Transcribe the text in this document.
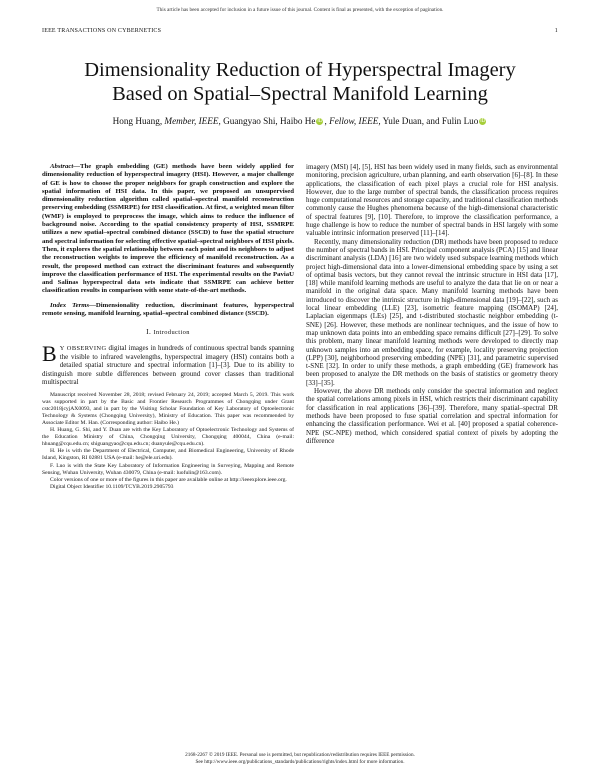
This article has been accepted for inclusion in a future issue of this journal. Content is final as presented, with the exception of pagination.
IEEE TRANSACTIONS ON CYBERNETICS	1
Dimensionality Reduction of Hyperspectral Imagery
Based on Spatial–Spectral Manifold Learning
Hong Huang, Member, IEEE, Guangyao Shi, Haibo He iD , Fellow, IEEE, Yule Duan, and Fulin Luo iD

Abstract—The graph embedding (GE) methods have been widely applied for dimensionality reduction of hyperspectral imagery (HSI). However, a major challenge of GE is how to choose the proper neighbors for graph construction and explore the spatial information of HSI data. In this paper, we proposed an unsupervised dimensionality reduction algorithm called spatial–spectral manifold reconstruction preserving embedding (SSMRPE) for HSI classification. At first, a weighted mean filter (WMF) is employed to preprocess the image, which aims to reduce the influence of background noise. According to the spatial consistency property of HSI, SSMRPE utilizes a new spatial–spectral combined distance (SSCD) to fuse the spatial structure and spectral information for selecting effective spatial–spectral neighbors of HSI pixels. Then, it explores the spatial relationship between each point and its neighbors to adjust the reconstruction weights to improve the efficiency of manifold reconstruction. As a result, the proposed method can extract the discriminant features and subsequently improve the classification performance of HSI. The experimental results on the PaviaU and Salinas hyperspectral data sets indicate that SSMRPE can achieve better classification results in comparison with some state-of-the-art methods.

Index Terms—Dimensionality reduction, discriminant features, hyperspectral remote sensing, manifold learning, spatial–spectral combined distance (SSCD).

I. Introduction

B Y OBSERVING digital images in hundreds of continuous spectral bands spanning the visible to infrared wavelengths, hyperspectral imagery (HSI) contains both a detailed spatial structure and spectral information [1]–[3]. Due to its ability to distinguish more subtle differences between ground cover classes than traditional multispectral

Manuscript received November 28, 2018; revised February 24, 2019; accepted March 5, 2019. This work was supported in part by the Basic and Frontier Research Programmes of Chongqing under Grant cstc2018jcyjAX0093, and in part by the Visiting Scholar Foundation of Key Laboratory of Optoelectronic Technology & Systems (Chongqing University), Ministry of Education. This paper was recommended by Associate Editor M. Han. (Corresponding author: Haibo He.)

H. Huang, G. Shi, and Y. Duan are with the Key Laboratory of Optoelectronic Technology and Systems of the Education Ministry of China, Chongqing University, Chongqing 400044, China (e-mail: hhuang@cqu.edu.cn; shiguangyao@cqu.edu.cn; duanyule@cqu.edu.cn).

H. He is with the Department of Electrical, Computer, and Biomedical Engineering, University of Rhode Island, Kingston, RI 02881 USA (e-mail: he@ele.uri.edu).

F. Luo is with the State Key Laboratory of Information Engineering in Surveying, Mapping and Remote Sensing, Wuhan University, Wuhan 430079, China (e-mail: luofulin@163.com).

Color versions of one or more of the figures in this paper are available online at http://ieeexplore.ieee.org.

Digital Object Identifier 10.1109/TCYB.2019.2905793

imagery (MSI) [4], [5], HSI has been widely used in many fields, such as environmental monitoring, precision agriculture, urban planning, and earth observation [6]–[8]. In these applications, the classification of each pixel plays a crucial role for HSI analysis. However, due to the large number of spectral bands, the classification process requires huge computational resources and storage capacity, and traditional classification methods commonly cause the Hughes phenomena because of the high-dimensional characteristic of spectral features [9], [10]. Therefore, to improve the classification performance, a huge challenge is how to reduce the number of spectral bands in HSI largely with some valuable intrinsic information preserved [11]–[14].

Recently, many dimensionality reduction (DR) methods have been proposed to reduce the number of spectral bands in HSI. Principal component analysis (PCA) [15] and linear discriminant analysis (LDA) [16] are two widely used subspace learning methods which project high-dimensional data into a lower-dimensional embedding space by using a set of optimal basis vectors, but they cannot reveal the intrinsic structure in HSI data [17], [18] while manifold learning methods are useful to analyze the data that lie on or near a manifold in the original data space. Many manifold learning methods have been introduced to discover the intrinsic structure in high-dimensional data [19]–[22], such as local linear embedding (LLE) [23], isometric feature mapping (ISOMAP) [24], Laplacian eigenmaps (LEs) [25], and t-distributed stochastic neighbor embedding (t-SNE) [26]. However, these methods are nonlinear techniques, and the issue of how to map unknown data points into an embedding space remains difficult [27]–[29]. To solve this problem, many linear manifold learning methods were developed to directly map unknown samples into an embedding space, for example, locality preserving projection (LPP) [30], neighborhood preserving embedding (NPE) [31], and parametric supervised t-SNE [32]. In order to unify these methods, a graph embedding (GE) framework has been proposed to analyze the DR methods on the basis of statistics or geometry theory [33]–[35].

However, the above DR methods only consider the spectral information and neglect the spatial correlations among pixels in HSI, which restricts their discriminant capability for classification in real applications [36]–[39]. Therefore, many spatial–spectral DR methods have been proposed to fuse spatial correlation and spectral information for enhancing the classification performance. Wei et al. [40] proposed a spatial coherence-NPE (SC-NPE) method, which considered spatial context of pixels by adopting the difference

2168-2267 © 2019 IEEE. Personal use is permitted, but republication/redistribution requires IEEE permission.
See http://www.ieee.org/publications_standards/publications/rights/index.html for more information.
